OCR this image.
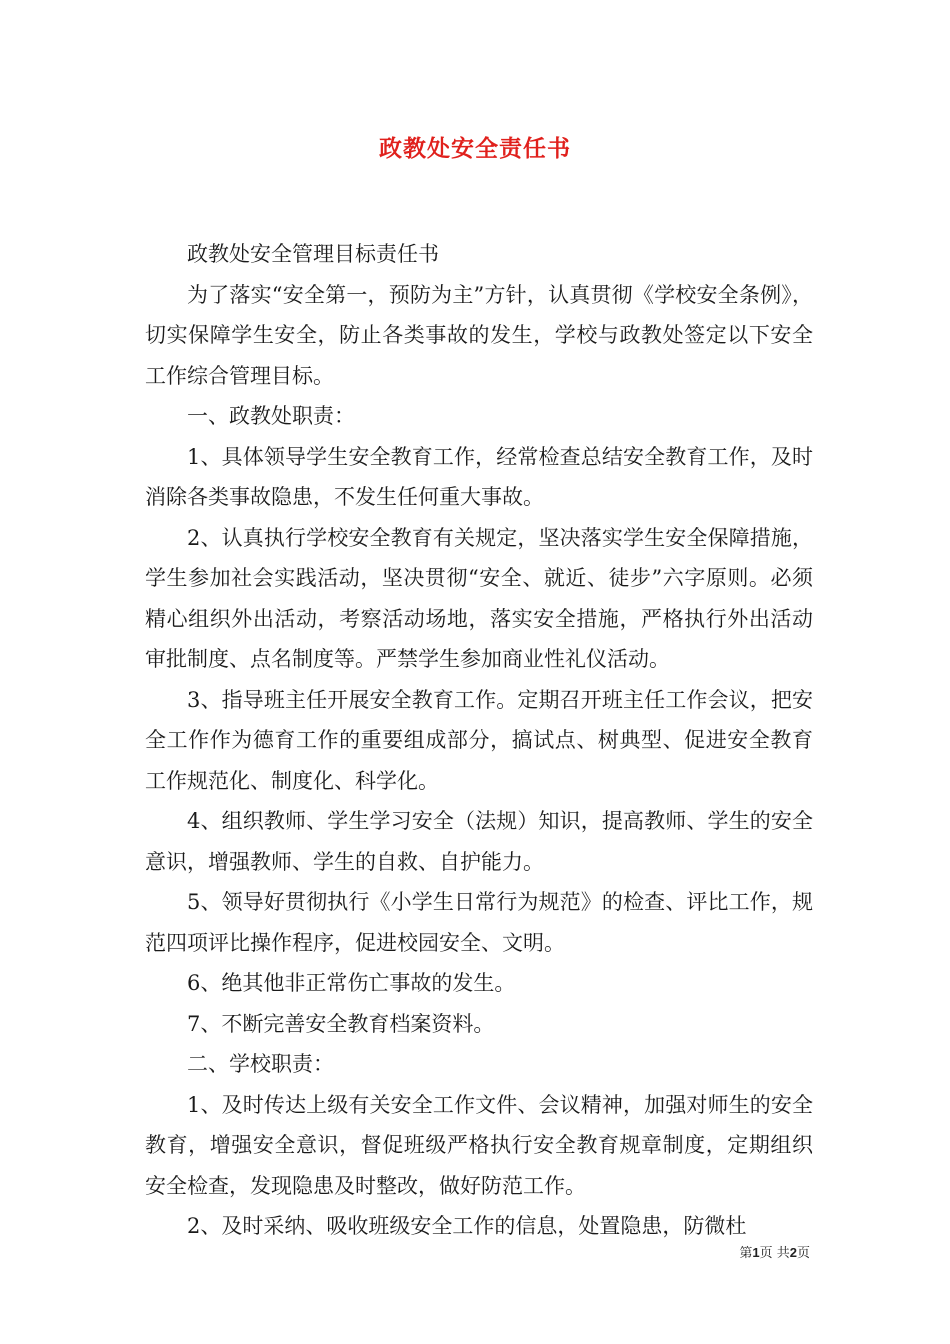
政教处安全责任书

政教处安全管理目标责任书

为了落实“安全第一，预防为主”方针，认真贯彻《学校安全条例》，切实保障学生安全，防止各类事故的发生，学校与政教处签定以下安全工作综合管理目标。

一、政教处职责：

1、具体领导学生安全教育工作，经常检查总结安全教育工作，及时消除各类事故隐患，不发生任何重大事故。

2、认真执行学校安全教育有关规定，坚决落实学生安全保障措施，学生参加社会实践活动，坚决贯彻“安全、就近、徒步”六字原则。必须精心组织外出活动，考察活动场地，落实安全措施，严格执行外出活动审批制度、点名制度等。严禁学生参加商业性礼仪活动。

3、指导班主任开展安全教育工作。定期召开班主任工作会议，把安全工作作为德育工作的重要组成部分，搞试点、树典型、促进安全教育工作规范化、制度化、科学化。

4、组织教师、学生学习安全（法规）知识，提高教师、学生的安全意识，增强教师、学生的自救、自护能力。

5、领导好贯彻执行《小学生日常行为规范》的检查、评比工作，规范四项评比操作程序，促进校园安全、文明。

6、绝其他非正常伤亡事故的发生。

7、不断完善安全教育档案资料。

二、学校职责：

1、及时传达上级有关安全工作文件、会议精神，加强对师生的安全教育，增强安全意识，督促班级严格执行安全教育规章制度，定期组织安全检查，发现隐患及时整改，做好防范工作。

2、及时采纳、吸收班级安全工作的信息，处置隐患，防微杜

第1页 共2页
